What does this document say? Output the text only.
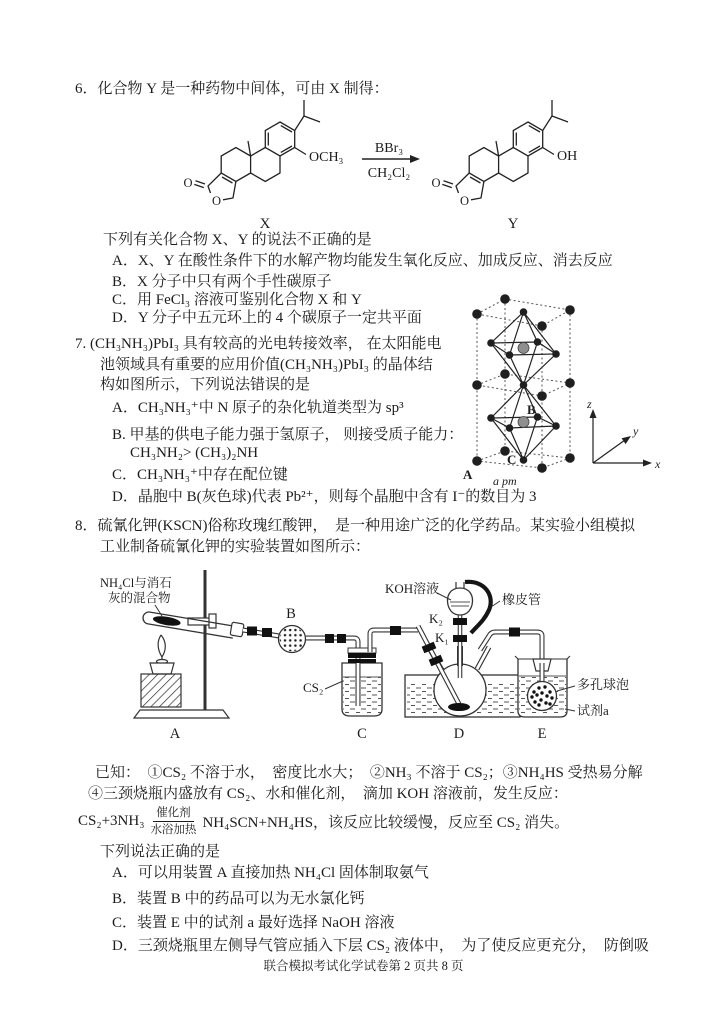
6．化合物 Y 是一种药物中间体，可由 X 制得：
O
O
OCH₃	OH
BBr₃
CH₂Cl₂
X	Y
下列有关化合物 X、Y 的说法不正确的是
A．X、Y 在酸性条件下的水解产物均能发生氧化反应、加成反应、消去反应
B．X 分子中只有两个手性碳原子
C．用 FeCl₃ 溶液可鉴别化合物 X 和 Y
D．Y 分子中五元环上的 4 个碳原子一定共平面
7. (CH₃NH₃)PbI₃ 具有较高的光电转接效率， 在太阳能电
池领域具有重要的应用价值(CH₃NH₃)PbI₃ 的晶体结
构如图所示，下列说法错误的是
A．CH₃NH₃⁺中 N 原子的杂化轨道类型为 sp³
B. 甲基的供电子能力强于氢原子， 则接受质子能力：
CH₃NH₂> (CH₃)₂NH
C．CH₃NH₃⁺中存在配位键
D．晶胞中 B(灰色球)代表 Pb²⁺，则每个晶胞中含有 I⁻的数目为 3
B
C
A a pm
z
y
x
8．硫氰化钾(KSCN)俗称玫瑰红酸钾，  是一种用途广泛的化学药品。某实验小组模拟
工业制备硫氰化钾的实验装置如图所示：
NH₄Cl与消石
灰的混合物
B
KOH溶液
橡皮管
K₂
K₁
CS₂	多孔球泡
试剂a
A	C	D	E
已知：  ①CS₂ 不溶于水，  密度比水大；  ②NH₃ 不溶于 CS₂；③NH₄HS 受热易分解
④三颈烧瓶内盛放有 CS₂、水和催化剂，  滴加 KOH 溶液前，发生反应：
CS₂+3NH₃
催化剂
水浴加热 NH₄SCN+NH₄HS，该反应比较缓慢，反应至 CS₂ 消失。
下列说法正确的是
A．可以用装置 A 直接加热 NH₄Cl 固体制取氨气
B．装置 B 中的药品可以为无水氯化钙
C．装置 E 中的试剂 a 最好选择 NaOH 溶液
D．三颈烧瓶里左侧导气管应插入下层 CS₂ 液体中，  为了使反应更充分，  防倒吸
联合模拟考试化学试卷第 2 页共 8 页
